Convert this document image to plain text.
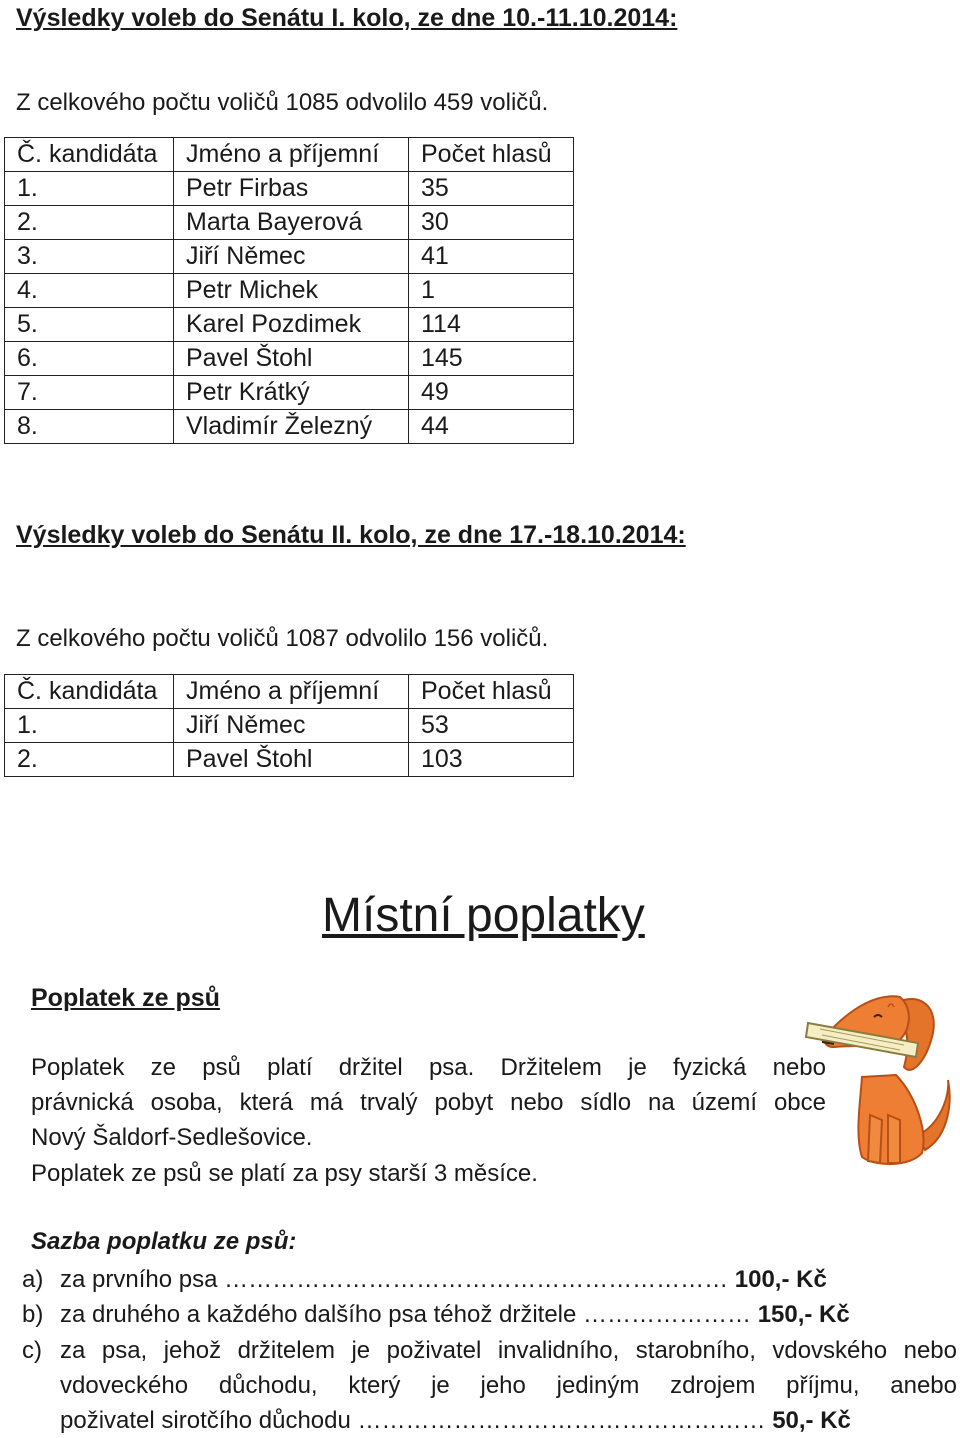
Výsledky voleb do Senátu I. kolo, ze dne 10.-11.10.2014:
Z celkového počtu voličů 1085 odvolilo 459 voličů.
Č. kandidáta	Jméno a příjemní	Počet hlasů
1.	Petr Firbas	35
2.	Marta Bayerová	30
3.	Jiří Němec	41
4.	Petr Michek	1
5.	Karel Pozdimek	114
6.	Pavel Štohl	145
7.	Petr Krátký	49
8.	Vladimír Železný	44
Výsledky voleb do Senátu II. kolo, ze dne 17.-18.10.2014:
Z celkového počtu voličů 1087 odvolilo 156 voličů.
Č. kandidáta	Jméno a příjemní	Počet hlasů
1.	Jiří Němec	53
2.	Pavel Štohl	103
Místní poplatky
Poplatek ze psů
Poplatek ze psů platí držitel psa. Držitelem je fyzická nebo
právnická osoba, která má trvalý pobyt nebo sídlo na území obce
Nový Šaldorf-Sedlešovice.
Poplatek ze psů se platí za psy starší 3 měsíce.
Sazba poplatku ze psů:
a) za prvního psa ……………………………………………………… 100,- Kč
b) za druhého a každého dalšího psa téhož držitele ………………… 150,- Kč
c) za psa, jehož držitelem je poživatel invalidního, starobního, vdovského nebo
vdoveckého důchodu, který je jeho jediným zdrojem příjmu, anebo
poživatel sirotčího důchodu …………………………………………… 50,- Kč
